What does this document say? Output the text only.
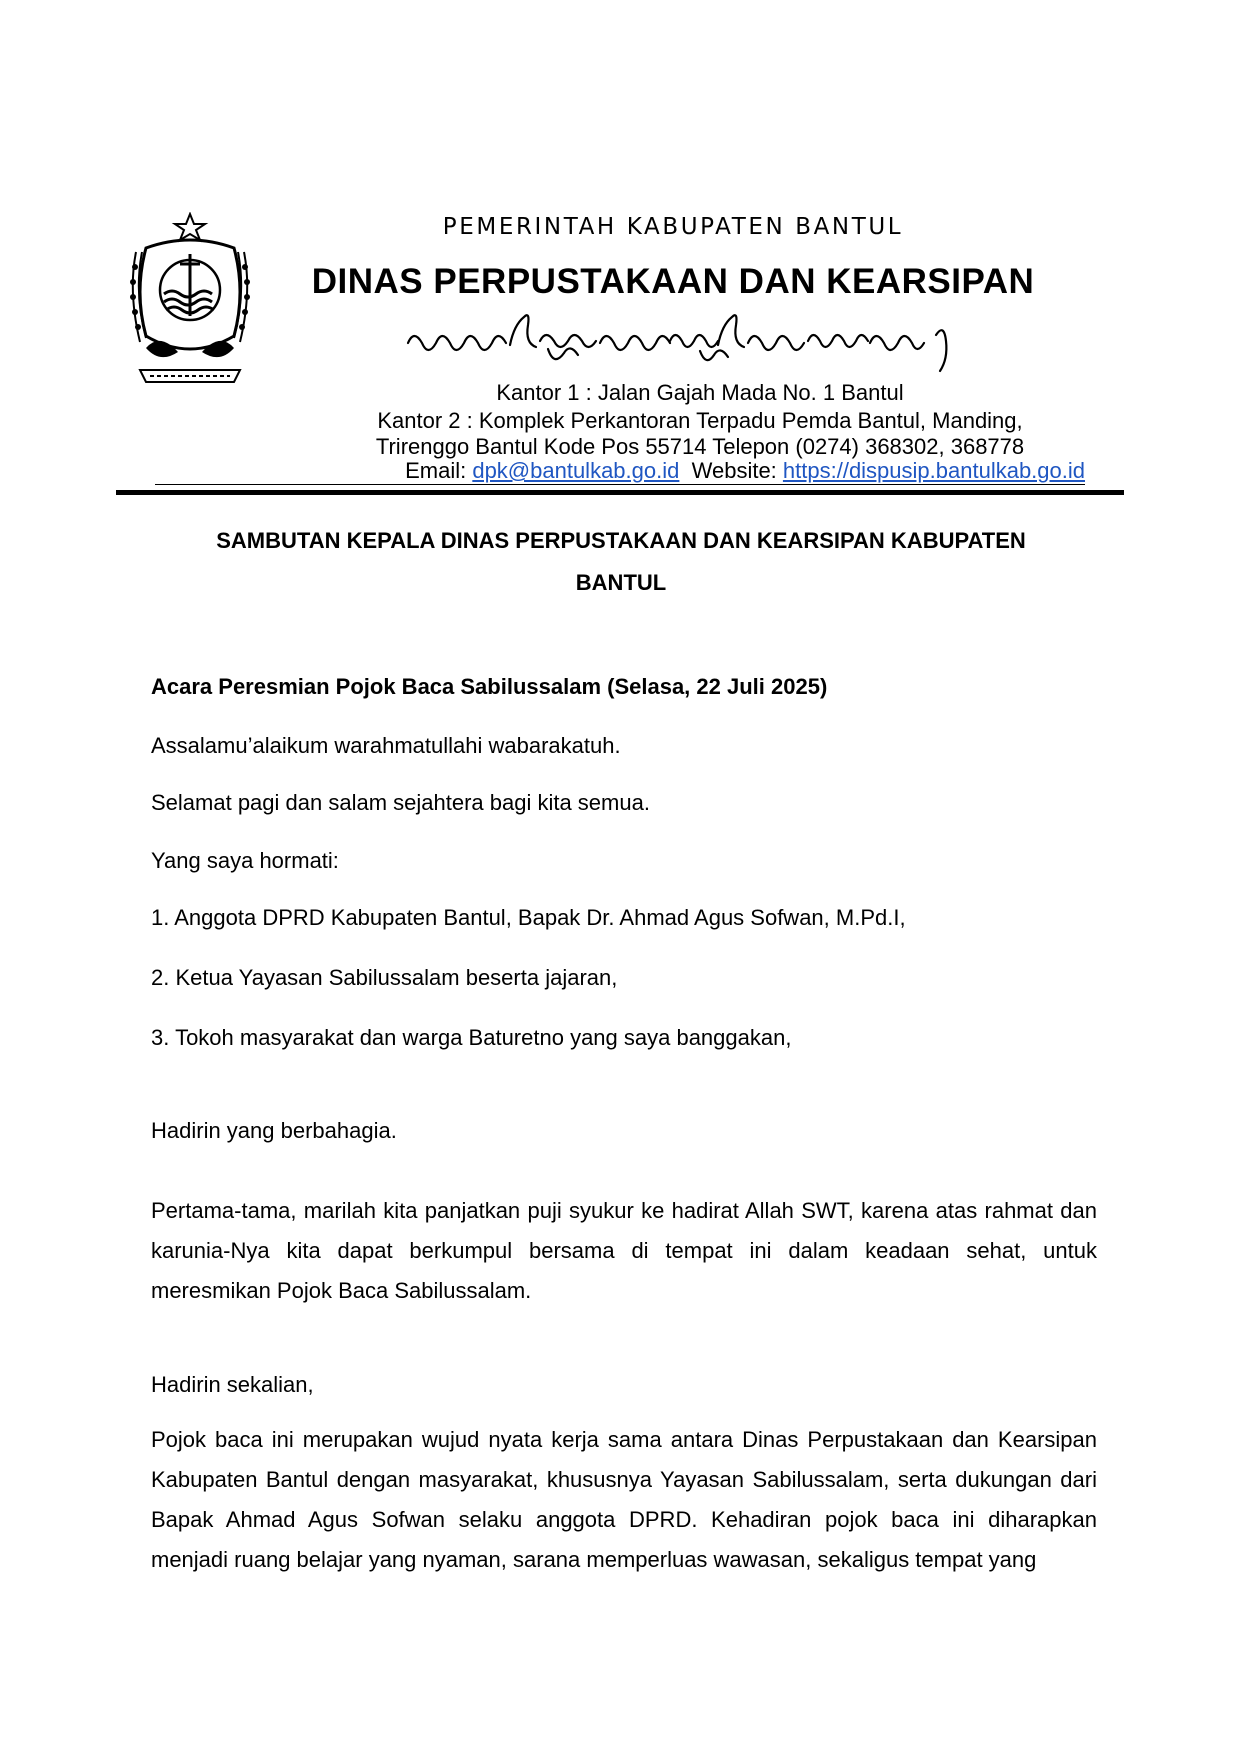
PEMERINTAH KABUPATEN BANTUL
DINAS PERPUSTAKAAN DAN KEARSIPAN
Kantor 1 : Jalan Gajah Mada No. 1 Bantul
Kantor 2 : Komplek Perkantoran Terpadu Pemda Bantul, Manding,
Trirenggo Bantul Kode Pos 55714 Telepon (0274) 368302, 368778
Email: dpk@bantulkab.go.id  Website: https://dispusip.bantulkab.go.id
SAMBUTAN KEPALA DINAS PERPUSTAKAAN DAN KEARSIPAN KABUPATEN
BANTUL
Acara Peresmian Pojok Baca Sabilussalam (Selasa, 22 Juli 2025)
Assalamu’alaikum warahmatullahi wabarakatuh.
Selamat pagi dan salam sejahtera bagi kita semua.
Yang saya hormati:
1. Anggota DPRD Kabupaten Bantul, Bapak Dr. Ahmad Agus Sofwan, M.Pd.I,
2. Ketua Yayasan Sabilussalam beserta jajaran,
3. Tokoh masyarakat dan warga Baturetno yang saya banggakan,
Hadirin yang berbahagia.
Pertama-tama, marilah kita panjatkan puji syukur ke hadirat Allah SWT, karena atas rahmat dan karunia-Nya kita dapat berkumpul bersama di tempat ini dalam keadaan sehat, untuk meresmikan Pojok Baca Sabilussalam.
Hadirin sekalian,
Pojok baca ini merupakan wujud nyata kerja sama antara Dinas Perpustakaan dan Kearsipan Kabupaten Bantul dengan masyarakat, khususnya Yayasan Sabilussalam, serta dukungan dari Bapak Ahmad Agus Sofwan selaku anggota DPRD. Kehadiran pojok baca ini diharapkan menjadi ruang belajar yang nyaman, sarana memperluas wawasan, sekaligus tempat yang
